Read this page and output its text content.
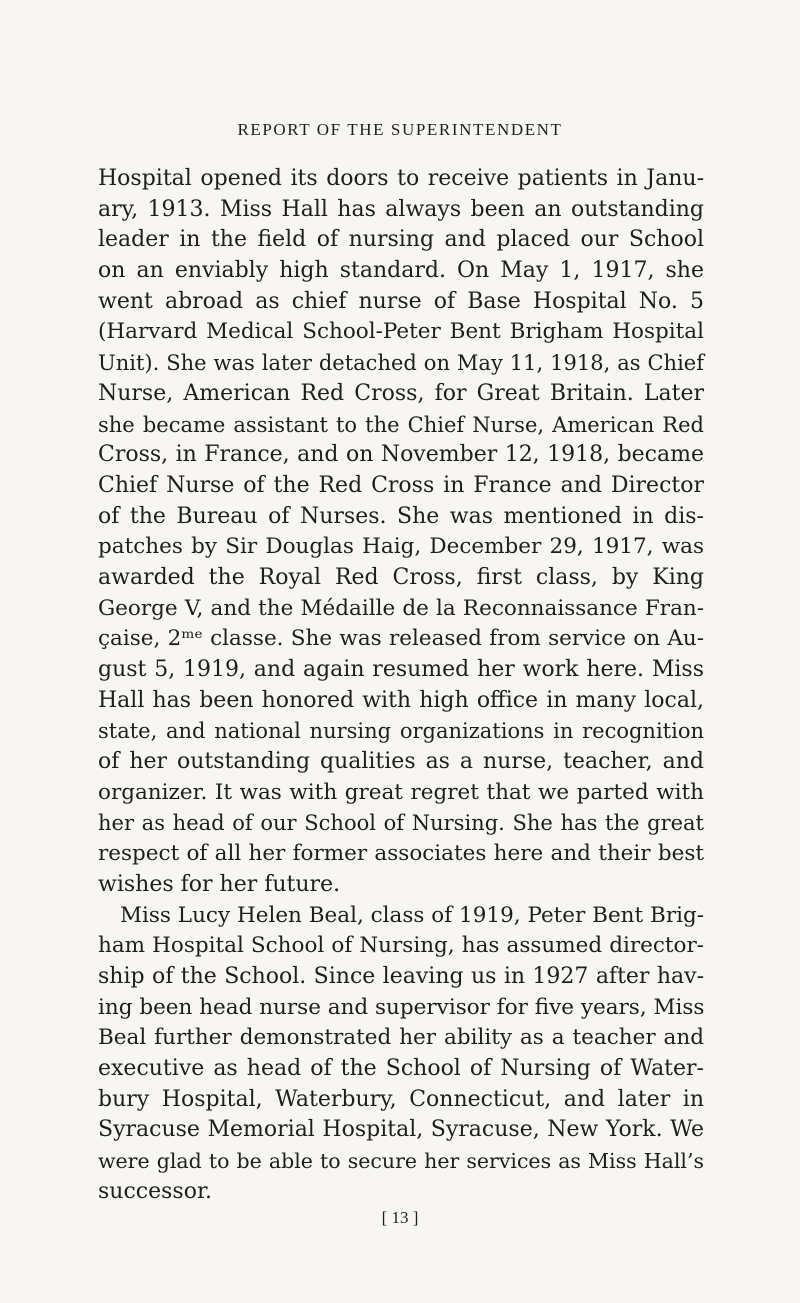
REPORT OF THE SUPERINTENDENT
Hospital opened its doors to receive patients in Janu-
ary, 1913. Miss Hall has always been an outstanding
leader in the field of nursing and placed our School
on an enviably high standard. On May 1, 1917, she
went abroad as chief nurse of Base Hospital No. 5
(Harvard Medical School-Peter Bent Brigham Hospital
Unit). She was later detached on May 11, 1918, as Chief
Nurse, American Red Cross, for Great Britain. Later
she became assistant to the Chief Nurse, American Red
Cross, in France, and on November 12, 1918, became
Chief Nurse of the Red Cross in France and Director
of the Bureau of Nurses. She was mentioned in dis-
patches by Sir Douglas Haig, December 29, 1917, was
awarded the Royal Red Cross, first class, by King
George V, and the Médaille de la Reconnaissance Fran-
çaise, 2ᵐᵉ classe. She was released from service on Au-
gust 5, 1919, and again resumed her work here. Miss
Hall has been honored with high office in many local,
state, and national nursing organizations in recognition
of her outstanding qualities as a nurse, teacher, and
organizer. It was with great regret that we parted with
her as head of our School of Nursing. She has the great
respect of all her former associates here and their best
wishes for her future.
Miss Lucy Helen Beal, class of 1919, Peter Bent Brig-
ham Hospital School of Nursing, has assumed director-
ship of the School. Since leaving us in 1927 after hav-
ing been head nurse and supervisor for five years, Miss
Beal further demonstrated her ability as a teacher and
executive as head of the School of Nursing of Water-
bury Hospital, Waterbury, Connecticut, and later in
Syracuse Memorial Hospital, Syracuse, New York. We
were glad to be able to secure her services as Miss Hall’s
successor.
[ 13 ]
